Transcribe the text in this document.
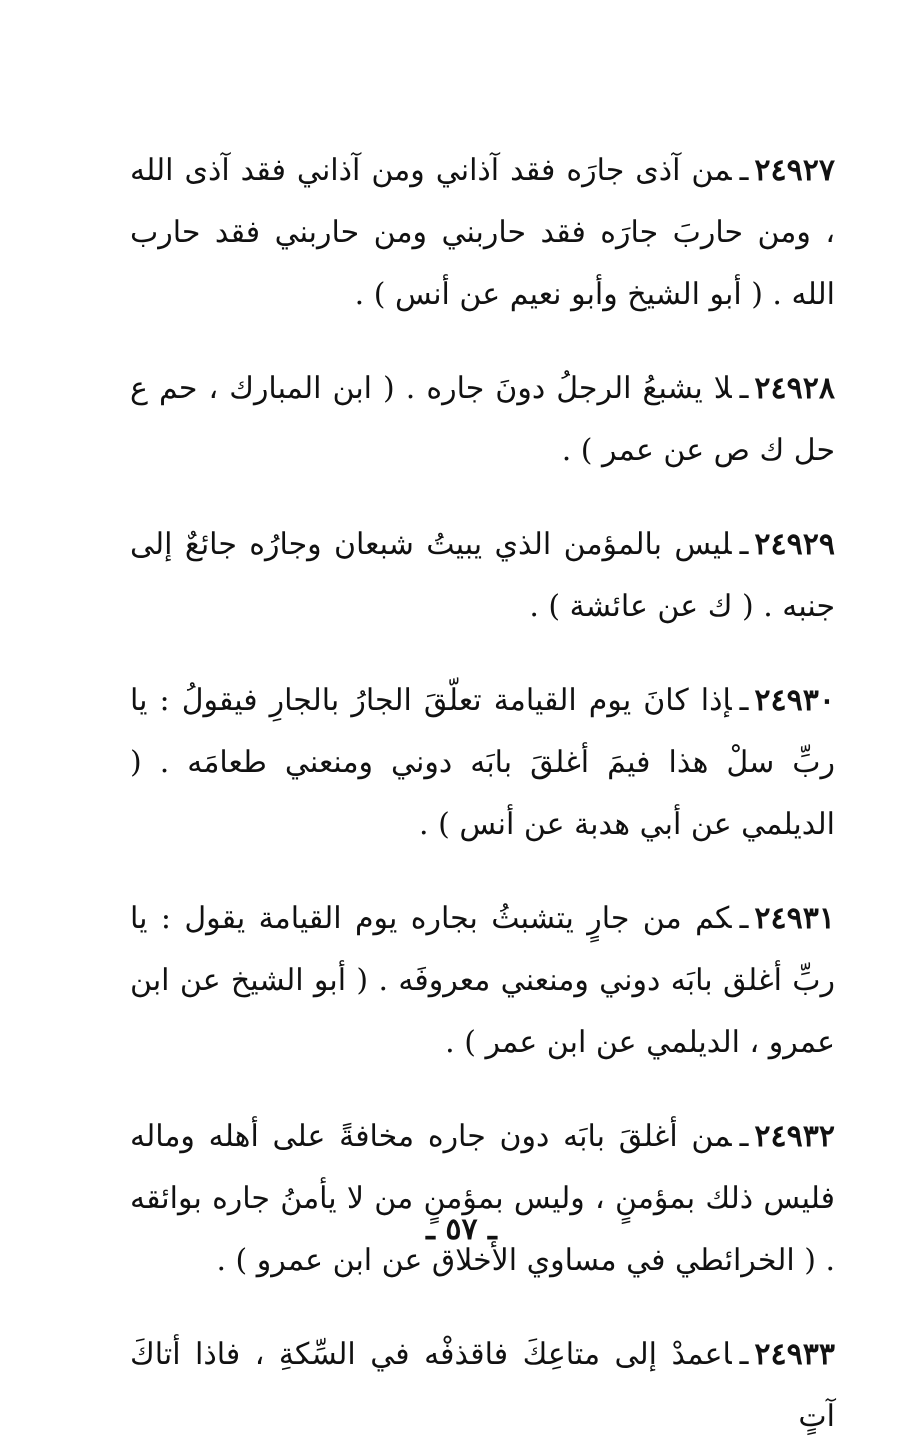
٢٤٩٢٧ـمن آذى جارَه فقد آذاني ومن آذاني فقد آذى الله ، ومن حاربَ جارَه فقد حاربني ومن حاربني فقد حارب الله . ( أبو الشيخ وأبو نعيم عن أنس ) .

٢٤٩٢٨ـلا يشبعُ الرجلُ دونَ جاره . ( ابن المبارك ، حم ع حل ك ص عن عمر ) .

٢٤٩٢٩ـليس بالمؤمن الذي يبيتُ شبعان وجارُه جائعٌ إلى جنبه . ( ك عن عائشة ) .

٢٤٩٣٠ـإذا كانَ يوم القيامة تعلّقَ الجارُ بالجارِ فيقولُ : يا ربِّ سلْ هذا فيمَ أغلقَ بابَه دوني ومنعني طعامَه . ( الديلمي عن أبي هدبة عن أنس ) .

٢٤٩٣١ـكم من جارٍ يتشبثُ بجاره يوم القيامة يقول : يا ربِّ أغلق بابَه دوني ومنعني معروفَه . ( أبو الشيخ عن ابن عمرو ، الديلمي عن ابن عمر ) .

٢٤٩٣٢ـمن أغلقَ بابَه دون جاره مخافةً على أهله وماله فليس ذلك بمؤمنٍ ، وليس بمؤمنٍ من لا يأمنُ جاره بوائقه . ( الخرائطي في مساوي الأخلاق عن ابن عمرو ) .

٢٤٩٣٣ـاعمدْ إلى متاعِكَ فاقذفْه في السِّكةِ ، فاذا أتاكَ آتٍ

ـ ٥٧ ـ
